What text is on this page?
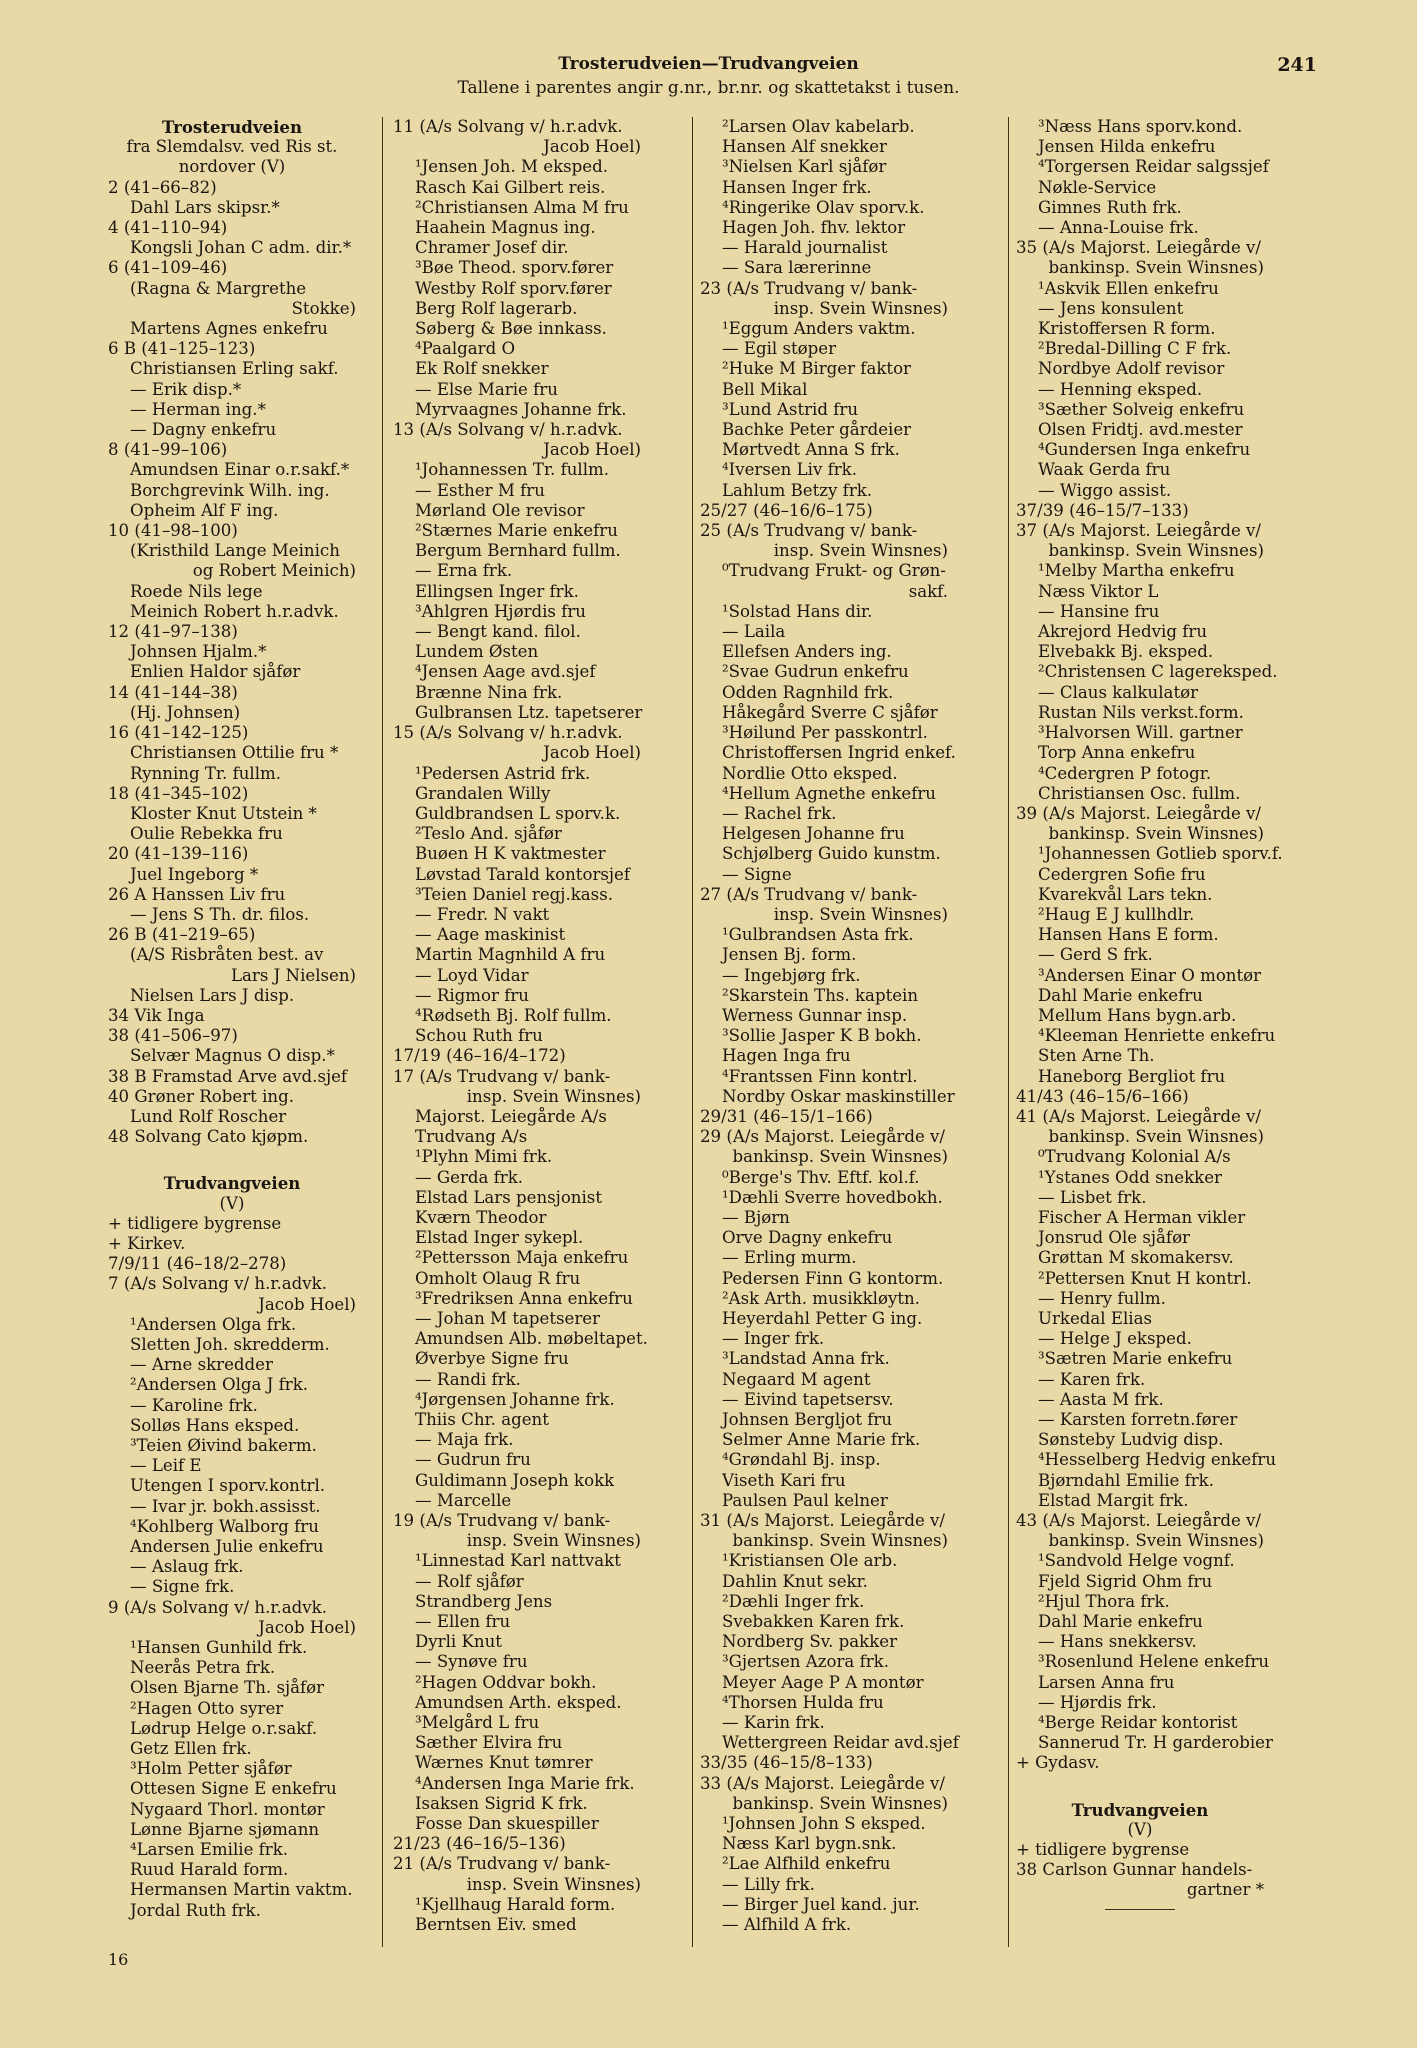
Trosterudveien—Trudvangveien
Tallene i parentes angir g.nr., br.nr. og skattetakst i tusen.
241
Trosterudveien
fra Slemdalsv. ved Ris st.
nordover (V)
2 (41–66–82)
Dahl Lars skipsr.*
4 (41–110–94)
Kongsli Johan C adm. dir.*
6 (41–109–46)
(Ragna & Margrethe
Stokke)
Martens Agnes enkefru
6 B (41–125–123)
Christiansen Erling sakf.
— Erik disp.*
— Herman ing.*
— Dagny enkefru
8 (41–99–106)
Amundsen Einar o.r.sakf.*
Borchgrevink Wilh. ing.
Opheim Alf F ing.
10 (41–98–100)
(Kristhild Lange Meinich
og Robert Meinich)
Roede Nils lege
Meinich Robert h.r.advk.
12 (41–97–138)
Johnsen Hjalm.*
Enlien Haldor sjåfør
14 (41–144–38)
(Hj. Johnsen)
16 (41–142–125)
Christiansen Ottilie fru *
Rynning Tr. fullm.
18 (41–345–102)
Kloster Knut Utstein *
Oulie Rebekka fru
20 (41–139–116)
Juel Ingeborg *
26 A Hanssen Liv fru
— Jens S Th. dr. filos.
26 B (41–219–65)
(A/S Risbråten best. av
Lars J Nielsen)
Nielsen Lars J disp.
34 Vik Inga
38 (41–506–97)
Selvær Magnus O disp.*
38 B Framstad Arve avd.sjef
40 Grøner Robert ing.
Lund Rolf Roscher
48 Solvang Cato kjøpm.
Trudvangveien
(V)
+ tidligere bygrense
+ Kirkev.
7/9/11 (46–18/2–278)
7 (A/s Solvang v/ h.r.advk.
Jacob Hoel)
¹Andersen Olga frk.
Sletten Joh. skredderm.
— Arne skredder
²Andersen Olga J frk.
— Karoline frk.
Solløs Hans eksped.
³Teien Øivind bakerm.
— Leif E
Utengen I sporv.kontrl.
— Ivar jr. bokh.assisst.
⁴Kohlberg Walborg fru
Andersen Julie enkefru
— Aslaug frk.
— Signe frk.
9 (A/s Solvang v/ h.r.advk.
Jacob Hoel)
¹Hansen Gunhild frk.
Neerås Petra frk.
Olsen Bjarne Th. sjåfør
²Hagen Otto syrer
Lødrup Helge o.r.sakf.
Getz Ellen frk.
³Holm Petter sjåfør
Ottesen Signe E enkefru
Nygaard Thorl. montør
Lønne Bjarne sjømann
⁴Larsen Emilie frk.
Ruud Harald form.
Hermansen Martin vaktm.
Jordal Ruth frk.
11 (A/s Solvang v/ h.r.advk.
Jacob Hoel)
¹Jensen Joh. M eksped.
Rasch Kai Gilbert reis.
²Christiansen Alma M fru
Haahein Magnus ing.
Chramer Josef dir.
³Bøe Theod. sporv.fører
Westby Rolf sporv.fører
Berg Rolf lagerarb.
Søberg & Bøe innkass.
⁴Paalgard O
Ek Rolf snekker
— Else Marie fru
Myrvaagnes Johanne frk.
13 (A/s Solvang v/ h.r.advk.
Jacob Hoel)
¹Johannessen Tr. fullm.
— Esther M fru
Mørland Ole revisor
²Stærnes Marie enkefru
Bergum Bernhard fullm.
— Erna frk.
Ellingsen Inger frk.
³Ahlgren Hjørdis fru
— Bengt kand. filol.
Lundem Østen
⁴Jensen Aage avd.sjef
Brænne Nina frk.
Gulbransen Ltz. tapetserer
15 (A/s Solvang v/ h.r.advk.
Jacob Hoel)
¹Pedersen Astrid frk.
Grandalen Willy
Guldbrandsen L sporv.k.
²Teslo And. sjåfør
Buøen H K vaktmester
Løvstad Tarald kontorsjef
³Teien Daniel regj.kass.
— Fredr. N vakt
— Aage maskinist
Martin Magnhild A fru
— Loyd Vidar
— Rigmor fru
⁴Rødseth Bj. Rolf fullm.
Schou Ruth fru
17/19 (46–16/4–172)
17 (A/s Trudvang v/ bank-
insp. Svein Winsnes)
Majorst. Leiegårde A/s
Trudvang A/s
¹Plyhn Mimi frk.
— Gerda frk.
Elstad Lars pensjonist
Kværn Theodor
Elstad Inger sykepl.
²Pettersson Maja enkefru
Omholt Olaug R fru
³Fredriksen Anna enkefru
— Johan M tapetserer
Amundsen Alb. møbeltapet.
Øverbye Signe fru
— Randi frk.
⁴Jørgensen Johanne frk.
Thiis Chr. agent
— Maja frk.
— Gudrun fru
Guldimann Joseph kokk
— Marcelle
19 (A/s Trudvang v/ bank-
insp. Svein Winsnes)
¹Linnestad Karl nattvakt
— Rolf sjåfør
Strandberg Jens
— Ellen fru
Dyrli Knut
— Synøve fru
²Hagen Oddvar bokh.
Amundsen Arth. eksped.
³Melgård L fru
Sæther Elvira fru
Wærnes Knut tømrer
⁴Andersen Inga Marie frk.
Isaksen Sigrid K frk.
Fosse Dan skuespiller
21/23 (46–16/5–136)
21 (A/s Trudvang v/ bank-
insp. Svein Winsnes)
¹Kjellhaug Harald form.
Berntsen Eiv. smed
²Larsen Olav kabelarb.
Hansen Alf snekker
³Nielsen Karl sjåfør
Hansen Inger frk.
⁴Ringerike Olav sporv.k.
Hagen Joh. fhv. lektor
— Harald journalist
— Sara lærerinne
23 (A/s Trudvang v/ bank-
insp. Svein Winsnes)
¹Eggum Anders vaktm.
— Egil støper
²Huke M Birger faktor
Bell Mikal
³Lund Astrid fru
Bachke Peter gårdeier
Mørtvedt Anna S frk.
⁴Iversen Liv frk.
Lahlum Betzy frk.
25/27 (46–16/6–175)
25 (A/s Trudvang v/ bank-
insp. Svein Winsnes)
⁰Trudvang Frukt- og Grøn-
sakf.
¹Solstad Hans dir.
— Laila
Ellefsen Anders ing.
²Svae Gudrun enkefru
Odden Ragnhild frk.
Håkegård Sverre C sjåfør
³Høilund Per passkontrl.
Christoffersen Ingrid enkef.
Nordlie Otto eksped.
⁴Hellum Agnethe enkefru
— Rachel frk.
Helgesen Johanne fru
Schjølberg Guido kunstm.
— Signe
27 (A/s Trudvang v/ bank-
insp. Svein Winsnes)
¹Gulbrandsen Asta frk.
Jensen Bj. form.
— Ingebjørg frk.
²Skarstein Ths. kaptein
Werness Gunnar insp.
³Sollie Jasper K B bokh.
Hagen Inga fru
⁴Frantssen Finn kontrl.
Nordby Oskar maskinstiller
29/31 (46–15/1–166)
29 (A/s Majorst. Leiegårde v/
bankinsp. Svein Winsnes)
⁰Berge's Thv. Eftf. kol.f.
¹Dæhli Sverre hovedbokh.
— Bjørn
Orve Dagny enkefru
— Erling murm.
Pedersen Finn G kontorm.
²Ask Arth. musikkløytn.
Heyerdahl Petter G ing.
— Inger frk.
³Landstad Anna frk.
Negaard M agent
— Eivind tapetsersv.
Johnsen Bergljot fru
Selmer Anne Marie frk.
⁴Grøndahl Bj. insp.
Viseth Kari fru
Paulsen Paul kelner
31 (A/s Majorst. Leiegårde v/
bankinsp. Svein Winsnes)
¹Kristiansen Ole arb.
Dahlin Knut sekr.
²Dæhli Inger frk.
Svebakken Karen frk.
Nordberg Sv. pakker
³Gjertsen Azora frk.
Meyer Aage P A montør
⁴Thorsen Hulda fru
— Karin frk.
Wettergreen Reidar avd.sjef
33/35 (46–15/8–133)
33 (A/s Majorst. Leiegårde v/
bankinsp. Svein Winsnes)
¹Johnsen John S eksped.
Næss Karl bygn.snk.
²Lae Alfhild enkefru
— Lilly frk.
— Birger Juel kand. jur.
— Alfhild A frk.
³Næss Hans sporv.kond.
Jensen Hilda enkefru
⁴Torgersen Reidar salgssjef
Nøkle-Service
Gimnes Ruth frk.
— Anna-Louise frk.
35 (A/s Majorst. Leiegårde v/
bankinsp. Svein Winsnes)
¹Askvik Ellen enkefru
— Jens konsulent
Kristoffersen R form.
²Bredal-Dilling C F frk.
Nordbye Adolf revisor
— Henning eksped.
³Sæther Solveig enkefru
Olsen Fridtj. avd.mester
⁴Gundersen Inga enkefru
Waak Gerda fru
— Wiggo assist.
37/39 (46–15/7–133)
37 (A/s Majorst. Leiegårde v/
bankinsp. Svein Winsnes)
¹Melby Martha enkefru
Næss Viktor L
— Hansine fru
Akrejord Hedvig fru
Elvebakk Bj. eksped.
²Christensen C lagereksped.
— Claus kalkulatør
Rustan Nils verkst.form.
³Halvorsen Will. gartner
Torp Anna enkefru
⁴Cedergren P fotogr.
Christiansen Osc. fullm.
39 (A/s Majorst. Leiegårde v/
bankinsp. Svein Winsnes)
¹Johannessen Gotlieb sporv.f.
Cedergren Sofie fru
Kvarekvål Lars tekn.
²Haug E J kullhdlr.
Hansen Hans E form.
— Gerd S frk.
³Andersen Einar O montør
Dahl Marie enkefru
Mellum Hans bygn.arb.
⁴Kleeman Henriette enkefru
Sten Arne Th.
Haneborg Bergliot fru
41/43 (46–15/6–166)
41 (A/s Majorst. Leiegårde v/
bankinsp. Svein Winsnes)
⁰Trudvang Kolonial A/s
¹Ystanes Odd snekker
— Lisbet frk.
Fischer A Herman vikler
Jonsrud Ole sjåfør
Grøttan M skomakersv.
²Pettersen Knut H kontrl.
— Henry fullm.
Urkedal Elias
— Helge J eksped.
³Sætren Marie enkefru
— Karen frk.
— Aasta M frk.
— Karsten forretn.fører
Sønsteby Ludvig disp.
⁴Hesselberg Hedvig enkefru
Bjørndahl Emilie frk.
Elstad Margit frk.
43 (A/s Majorst. Leiegårde v/
bankinsp. Svein Winsnes)
¹Sandvold Helge vognf.
Fjeld Sigrid Ohm fru
²Hjul Thora frk.
Dahl Marie enkefru
— Hans snekkersv.
³Rosenlund Helene enkefru
Larsen Anna fru
— Hjørdis frk.
⁴Berge Reidar kontorist
Sannerud Tr. H garderobier
+ Gydasv.
Trudvangveien
(V)
+ tidligere bygrense
38 Carlson Gunnar handels-
gartner *
16
